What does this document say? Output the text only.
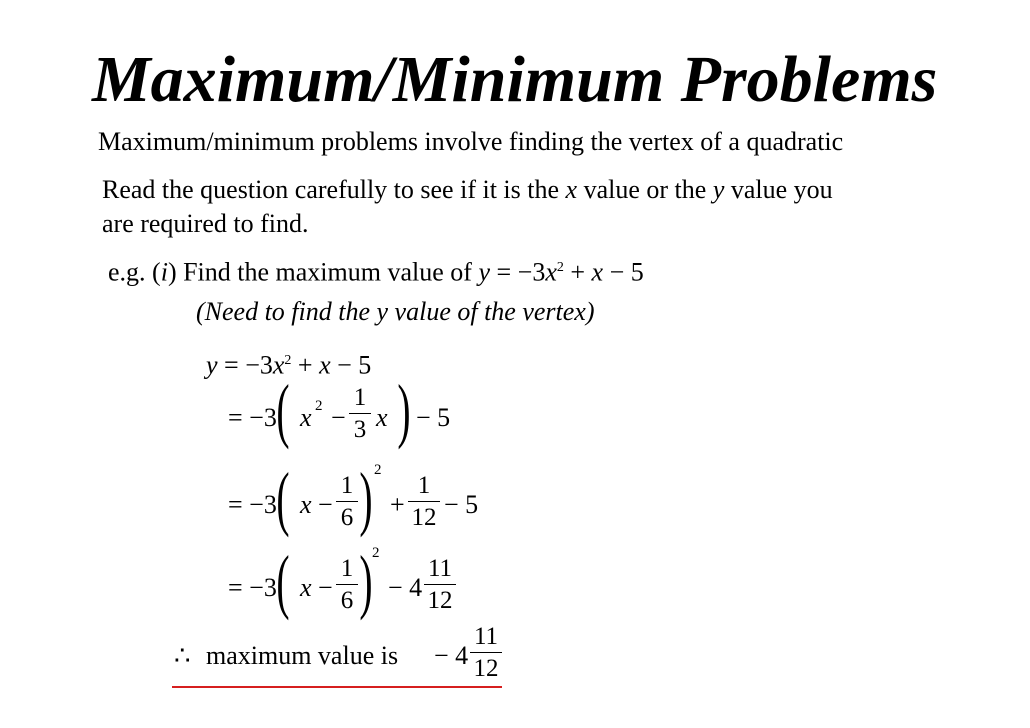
Maximum/Minimum Problems
Maximum/minimum problems involve finding the vertex of a quadratic
Read the question carefully to see if it is the x value or the y value you
are required to find.
e.g. (i) Find the maximum value of $y = -3x^2 + x - 5$
(Need to find the y value of the vertex)
$y = -3x^2 + x - 5$
= −3 ( x 2 −
1
3 x ) − 5
= −3 ( x −
1
6 ) 2
+
1
12 − 5
= −3 ( x −
1
6 ) 2
− 4
11
12
∴ maximum value is − 4
11
12
